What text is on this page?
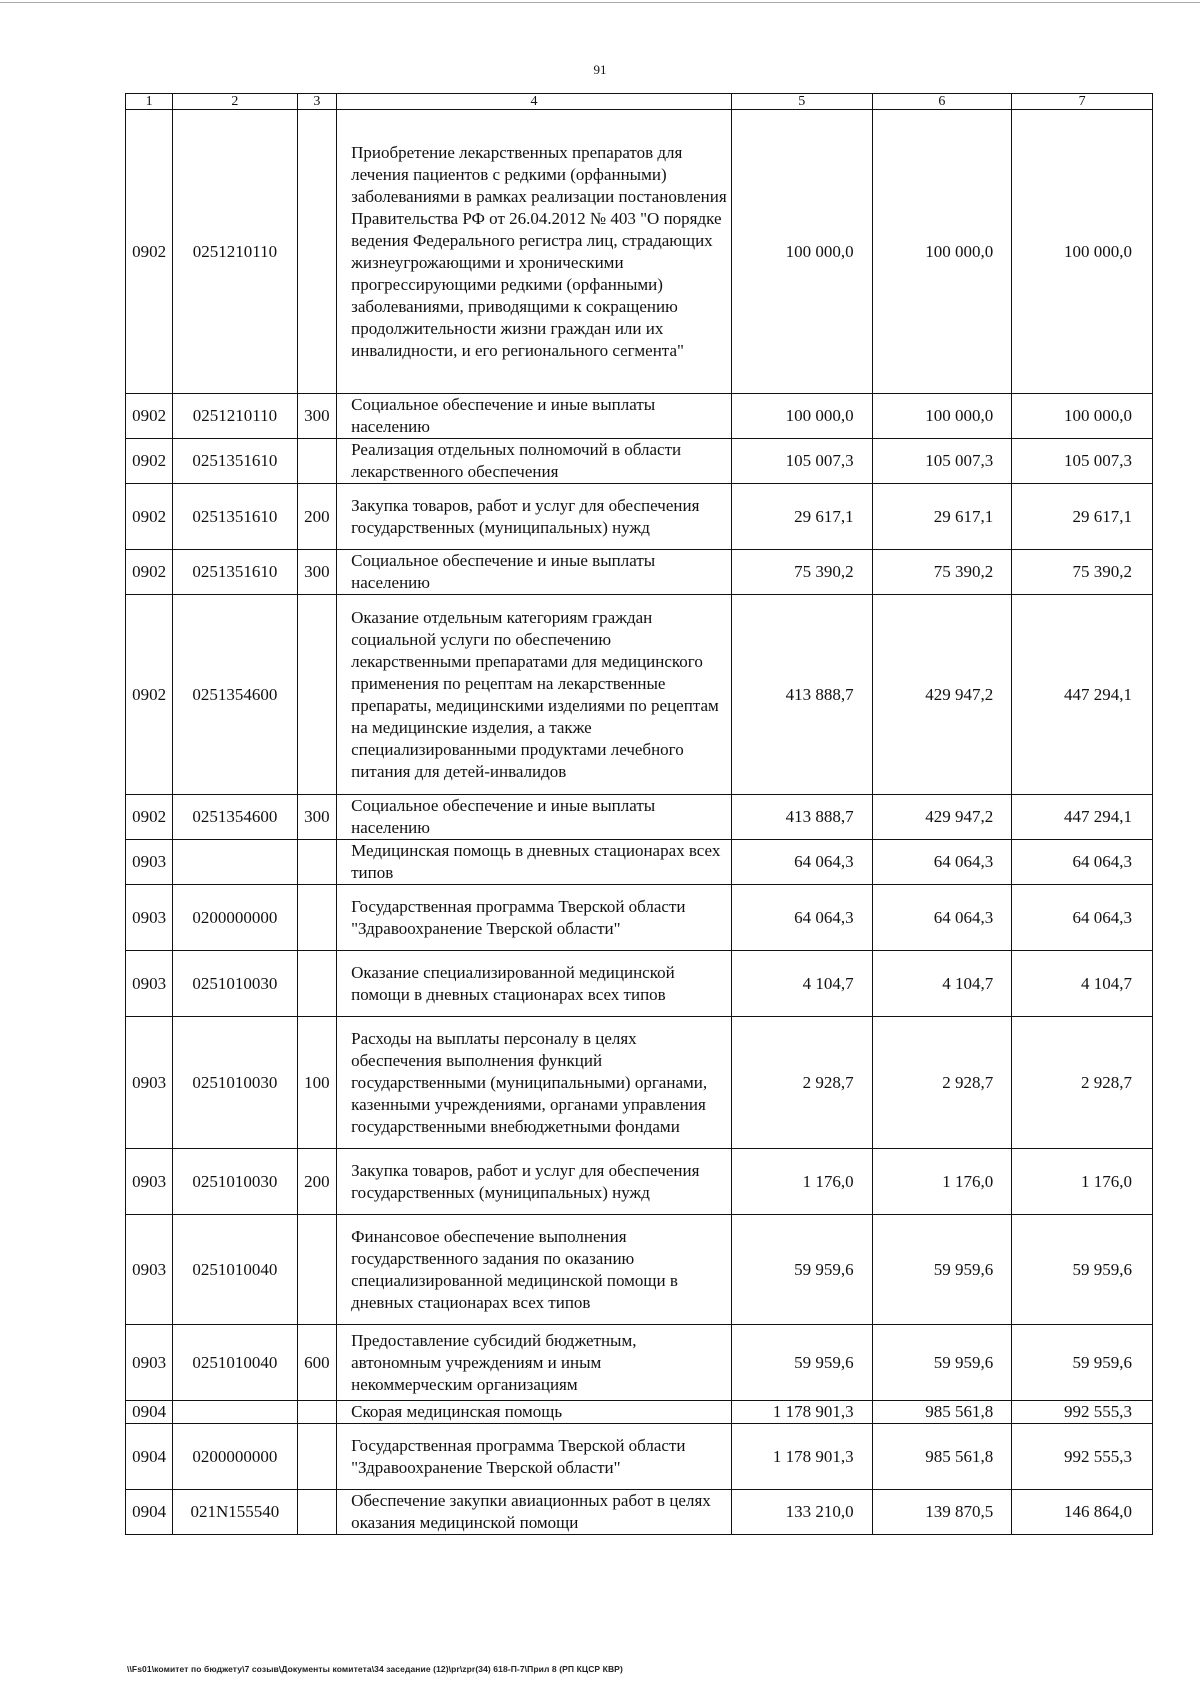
91
1	2	3	4	5	6	7
0902	0251210110		Приобретение лекарственных препаратов для лечения пациентов с редкими (орфанными) заболеваниями в рамках реализации постановления Правительства РФ от 26.04.2012 № 403 "О порядке ведения Федерального регистра лиц, страдающих жизнеугрожающими и хроническими прогрессирующими редкими (орфанными) заболеваниями, приводящими к сокращению продолжительности жизни граждан или их инвалидности, и его регионального сегмента"	100 000,0	100 000,0	100 000,0
0902	0251210110	300	Социальное обеспечение и иные выплаты населению	100 000,0	100 000,0	100 000,0
0902	0251351610		Реализация отдельных полномочий в области лекарственного обеспечения	105 007,3	105 007,3	105 007,3
0902	0251351610	200	Закупка товаров, работ и услуг для обеспечения государственных (муниципальных) нужд	29 617,1	29 617,1	29 617,1
0902	0251351610	300	Социальное обеспечение и иные выплаты населению	75 390,2	75 390,2	75 390,2
0902	0251354600		Оказание отдельным категориям граждан социальной услуги по обеспечению лекарственными препаратами для медицинского применения по рецептам на лекарственные препараты, медицинскими изделиями по рецептам на медицинские изделия, а также специализированными продуктами лечебного питания для детей-инвалидов	413 888,7	429 947,2	447 294,1
0902	0251354600	300	Социальное обеспечение и иные выплаты населению	413 888,7	429 947,2	447 294,1
0903			Медицинская помощь в дневных стационарах всех типов	64 064,3	64 064,3	64 064,3
0903	0200000000		Государственная программа Тверской области "Здравоохранение Тверской области"	64 064,3	64 064,3	64 064,3
0903	0251010030		Оказание специализированной медицинской помощи в дневных стационарах всех типов	4 104,7	4 104,7	4 104,7
0903	0251010030	100	Расходы на выплаты персоналу в целях обеспечения выполнения функций государственными (муниципальными) органами, казенными учреждениями, органами управления государственными внебюджетными фондами	2 928,7	2 928,7	2 928,7
0903	0251010030	200	Закупка товаров, работ и услуг для обеспечения государственных (муниципальных) нужд	1 176,0	1 176,0	1 176,0
0903	0251010040		Финансовое обеспечение выполнения государственного задания по оказанию специализированной медицинской помощи в дневных стационарах всех типов	59 959,6	59 959,6	59 959,6
0903	0251010040	600	Предоставление субсидий бюджетным, автономным учреждениям и иным некоммерческим организациям	59 959,6	59 959,6	59 959,6
0904			Скорая медицинская помощь	1 178 901,3	985 561,8	992 555,3
0904	0200000000		Государственная программа Тверской области "Здравоохранение Тверской области"	1 178 901,3	985 561,8	992 555,3
0904	021N155540		Обеспечение закупки авиационных работ в целях оказания медицинской помощи	133 210,0	139 870,5	146 864,0
\\Fs01\комитет по бюджету\7 созыв\Документы комитета\34 заседание (12)\pr\zpr(34) 618-П-7\Прил 8 (РП КЦСР КВР)
